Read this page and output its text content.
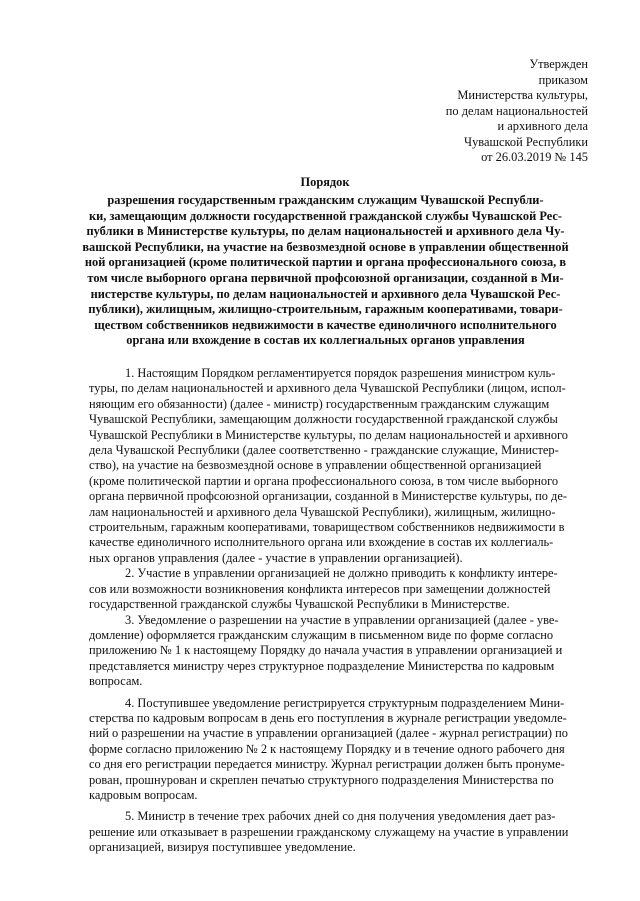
Утвержден
приказом
Министерства культуры,
по делам национальностей
и архивного дела
Чувашской Республики
от 26.03.2019 № 145
Порядок
разрешения государственным гражданским служащим Чувашской Республи-
ки, замещающим должности государственной гражданской службы Чувашской Рес-
публики в Министерстве культуры, по делам национальностей и архивного дела Чу-
вашской Республики, на участие на безвозмездной основе в управлении общественной
ной организацией (кроме политической партии и органа профессионального союза, в
том числе выборного органа первичной профсоюзной организации, созданной в Ми-
нистерстве культуры, по делам национальностей и архивного дела Чувашской Рес-
публики), жилищным, жилищно-строительным, гаражным кооперативами, товари-
ществом собственников недвижимости в качестве единоличного исполнительного
органа или вхождение в состав их коллегиальных органов управления
1. Настоящим Порядком регламентируется порядок разрешения министром куль-
туры, по делам национальностей и архивного дела Чувашской Республики (лицом, испол-
няющим его обязанности) (далее - министр) государственным гражданским служащим
Чувашской Республики, замещающим должности государственной гражданской службы
Чувашской Республики в Министерстве культуры, по делам национальностей и архивного
дела Чувашской Республики (далее соответственно - гражданские служащие, Министер-
ство), на участие на безвозмездной основе в управлении общественной организацией
(кроме политической партии и органа профессионального союза, в том числе выборного
органа первичной профсоюзной организации, созданной в Министерстве культуры, по де-
лам национальностей и архивного дела Чувашской Республики), жилищным, жилищно-
строительным, гаражным кооперативами, товариществом собственников недвижимости в
качестве единоличного исполнительного органа или вхождение в состав их коллегиаль-
ных органов управления (далее - участие в управлении организацией).
2. Участие в управлении организацией не должно приводить к конфликту интере-
сов или возможности возникновения конфликта интересов при замещении должностей
государственной гражданской службы Чувашской Республики в Министерстве.
3. Уведомление о разрешении на участие в управлении организацией (далее - уве-
домление) оформляется гражданским служащим в письменном виде по форме согласно
приложению № 1 к настоящему Порядку до начала участия в управлении организацией и
представляется министру через структурное подразделение Министерства по кадровым
вопросам.
4. Поступившее уведомление регистрируется структурным подразделением Мини-
стерства по кадровым вопросам в день его поступления в журнале регистрации уведомле-
ний о разрешении на участие в управлении организацией (далее - журнал регистрации) по
форме согласно приложению № 2 к настоящему Порядку и в течение одного рабочего дня
со дня его регистрации передается министру. Журнал регистрации должен быть пронуме-
рован, прошнурован и скреплен печатью структурного подразделения Министерства по
кадровым вопросам.
5. Министр в течение трех рабочих дней со дня получения уведомления дает раз-
решение или отказывает в разрешении гражданскому служащему на участие в управлении
организацией, визируя поступившее уведомление.
